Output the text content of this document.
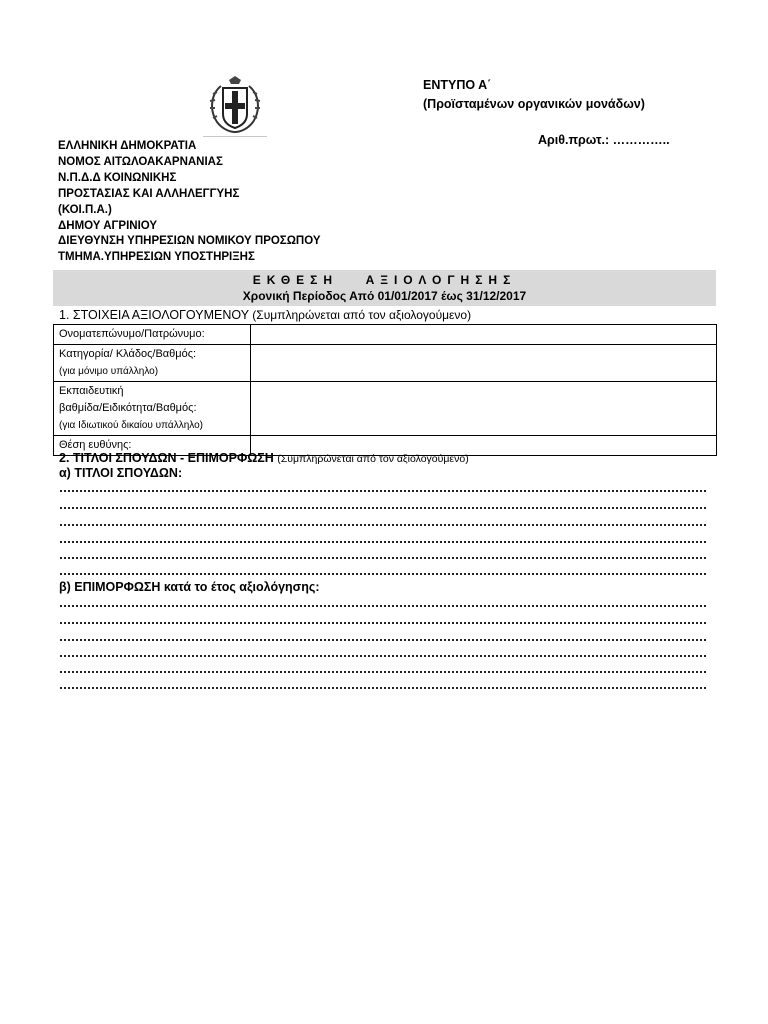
ΕΝΤΥΠΟ Α΄
(Προϊσταμένων οργανικών μονάδων)
Αριθ.πρωτ.: …………..
ΕΛΛΗΝΙΚΗ ΔΗΜΟΚΡΑΤΙΑ
ΝΟΜΟΣ ΑΙΤΩΛΟΑΚΑΡΝΑΝΙΑΣ
Ν.Π.Δ.Δ ΚΟΙΝΩΝΙΚΗΣ
ΠΡΟΣΤΑΣΙΑΣ ΚΑΙ ΑΛΛΗΛΕΓΓΥΗΣ
(ΚΟΙ.Π.Α.)
ΔΗΜΟΥ ΑΓΡΙΝΙΟΥ
ΔΙΕΥΘΥΝΣΗ ΥΠΗΡΕΣΙΩΝ ΝΟΜΙΚΟΥ ΠΡΟΣΩΠΟΥ
ΤΜΗΜΑ.ΥΠΗΡΕΣΙΩΝ ΥΠΟΣΤΗΡΙΞΗΣ
ΕΚΘΕΣΗ   ΑΞΙΟΛΟΓΗΣΗΣ
Χρονική Περίοδος Από 01/01/2017 έως 31/12/2017
1. ΣΤΟΙΧΕΙΑ ΑΞΙΟΛΟΓΟΥΜΕΝΟΥ (Συμπληρώνεται από τον αξιολογούμενο)
Ονοματεπώνυμο/Πατρώνυμο:	

Κατηγορία/ Κλάδος/Βαθμός:
(για μόνιμο υπάλληλο)	

Εκπαιδευτική
βαθμίδα/Ειδικότητα/Βαθμός:
(για Ιδιωτικού δικαίου υπάλληλο)	

Θέση ευθύνης:	
2. ΤΙΤΛΟΙ ΣΠΟΥΔΩΝ - ΕΠΙΜΟΡΦΩΣΗ (Συμπληρώνεται από τον αξιολογούμενο)
α) ΤΙΤΛΟΙ ΣΠΟΥΔΩΝ:
β) ΕΠΙΜΟΡΦΩΣΗ κατά το έτος αξιολόγησης:
